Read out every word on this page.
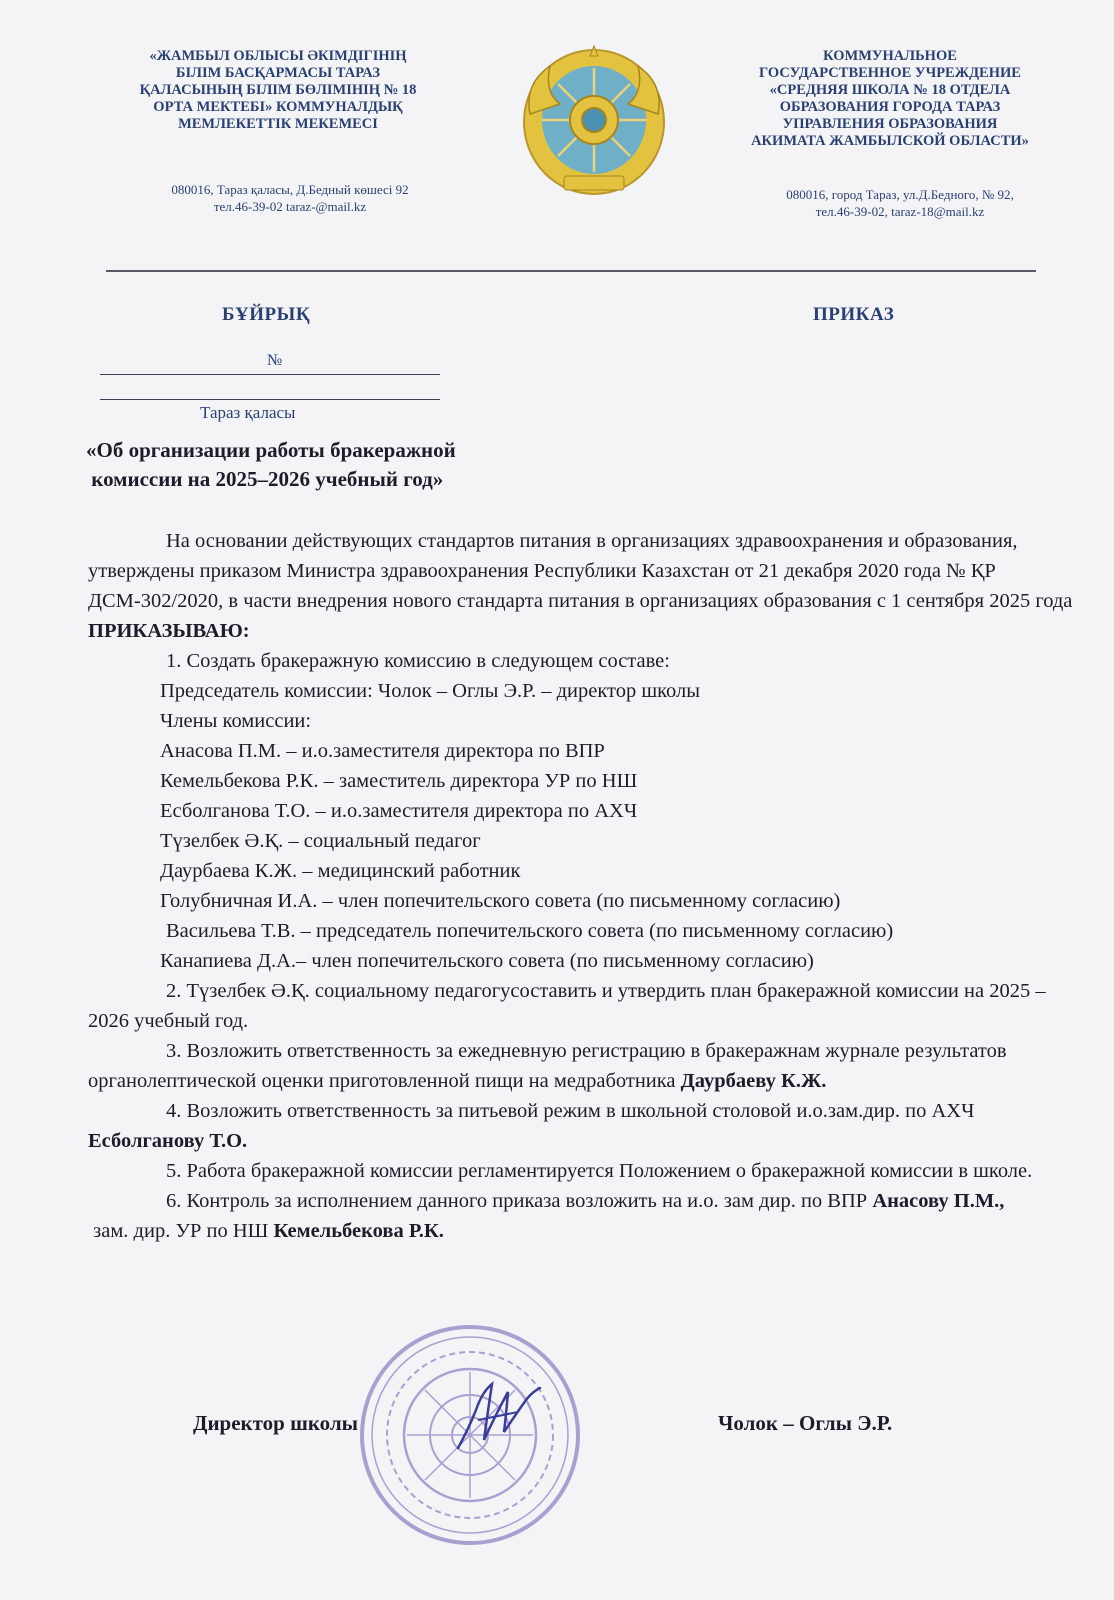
«ЖАМБЫЛ ОБЛЫСЫ ӘКІМДІГІНІҢ
БІЛІМ БАСҚАРМАСЫ ТАРАЗ
ҚАЛАСЫНЫҢ БІЛІМ БӨЛІМІНІҢ № 18
ОРТА МЕКТЕБІ» КОММУНАЛДЫҚ
МЕМЛЕКЕТТІК МЕКЕМЕСІ
080016, Тараз қаласы, Д.Бедный көшесі 92
тел.46-39-02 taraz-@mail.kz
КОММУНАЛЬНОЕ
ГОСУДАРСТВЕННОЕ УЧРЕЖДЕНИЕ
«СРЕДНЯЯ ШКОЛА № 18 ОТДЕЛА
ОБРАЗОВАНИЯ ГОРОДА ТАРАЗ
УПРАВЛЕНИЯ ОБРАЗОВАНИЯ
АКИМАТА ЖАМБЫЛСКОЙ ОБЛАСТИ»
080016, город Тараз, ул.Д.Бедного, № 92,
тел.46-39-02, taraz-18@mail.kz
БҰЙРЫҚ	ПРИКАЗ
№
Тараз қаласы
«Об организации работы бракеражной
комиссии на 2025–2026 учебный год»

На основании действующих стандартов питания в организациях здравоохранения и образования, утверждены приказом Министра здравоохранения Республики Казахстан от 21 декабря 2020 года № ҚР ДСМ-302/2020, в части внедрения нового стандарта питания в организациях образования с 1 сентября 2025 года ПРИКАЗЫВАЮ:

1. Создать бракеражную комиссию в следующем составе:

Председатель комиссии: Чолок – Оглы Э.Р. – директор школы

Члены комиссии:

Анасова П.М. – и.о.заместителя директора по ВПР

Кемельбекова Р.К. – заместитель директора УР по НШ

Есболганова Т.О. – и.о.заместителя директора по АХЧ

Түзелбек Ә.Қ. – социальный педагог

Даурбаева К.Ж. – медицинский работник

Голубничная И.А. – член попечительского совета (по письменному согласию)

Васильева Т.В. – председатель попечительского совета (по письменному согласию)

Канапиева Д.А.– член попечительского совета (по письменному согласию)

2. Түзелбек Ә.Қ. социальному педагогусоставить и утвердить план бракеражной комиссии на 2025 – 2026 учебный год.

3. Возложить ответственность за ежедневную регистрацию в бракеражнам журнале результатов органолептической оценки приготовленной пищи на медработника Даурбаеву К.Ж.

4. Возложить ответственность за питьевой режим в школьной столовой и.о.зам.дир. по АХЧ Есболганову Т.О.

5. Работа бракеражной комиссии регламентируется Положением о бракеражной комиссии в школе.

6. Контроль за исполнением данного приказа возложить на и.о. зам дир. по ВПР Анасову П.М., зам. дир. УР по НШ Кемельбекова Р.К.

Директор школы	Чолок – Оглы Э.Р.
